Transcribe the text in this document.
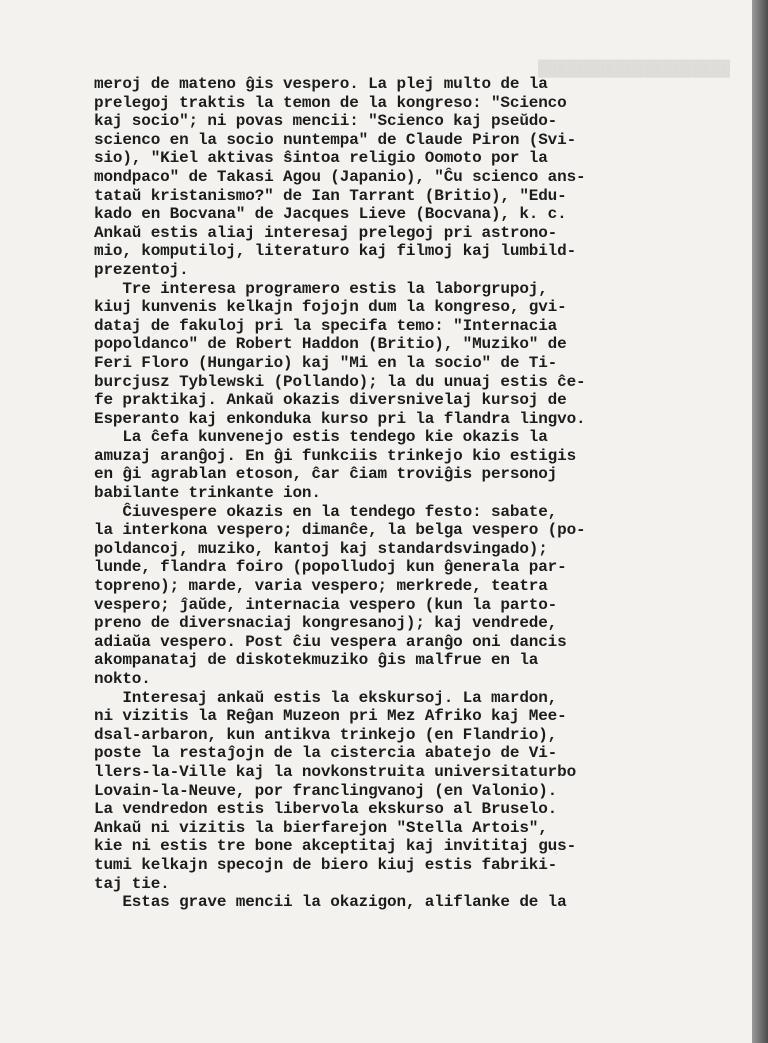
████████████████████
meroj de mateno ĝis vespero. La plej multo de la
prelegoj traktis la temon de la kongreso: "Scienco
kaj socio"; ni povas mencii: "Scienco kaj pseŭdo-
scienco en la socio nuntempa" de Claude Piron (Svi-
sio), "Kiel aktivas ŝintoa religio Oomoto por la
mondpaco" de Takasi Agou (Japanio), "Ĉu scienco ans-
tataŭ kristanismo?" de Ian Tarrant (Britio), "Edu-
kado en Bocvana" de Jacques Lieve (Bocvana), k. c.
Ankaŭ estis aliaj interesaj prelegoj pri astrono-
mio, komputiloj, literaturo kaj filmoj kaj lumbild-
prezentoj.
Tre interesa programero estis la laborgrupoj,
kiuj kunvenis kelkajn fojojn dum la kongreso, gvi-
dataj de fakuloj pri la specifa temo: "Internacia
popoldanco" de Robert Haddon (Britio), "Muziko" de
Feri Floro (Hungario) kaj "Mi en la socio" de Ti-
burcjusz Tyblewski (Pollando); la du unuaj estis ĉe-
fe praktikaj. Ankaŭ okazis diversnivelaj kursoj de
Esperanto kaj enkonduka kurso pri la flandra lingvo.
La ĉefa kunvenejo estis tendego kie okazis la
amuzaj aranĝoj. En ĝi funkciis trinkejo kio estigis
en ĝi agrablan etoson, ĉar ĉiam troviĝis personoj
babilante trinkante ion.
Ĉiuvespere okazis en la tendego festo: sabate,
la interkona vespero; dimanĉe, la belga vespero (po-
poldancoj, muziko, kantoj kaj standardsvingado);
lunde, flandra foiro (popolludoj kun ĝenerala par-
topreno); marde, varia vespero; merkrede, teatra
vespero; ĵaŭde, internacia vespero (kun la parto-
preno de diversnaciaj kongresanoj); kaj vendrede,
adiaŭa vespero. Post ĉiu vespera aranĝo oni dancis
akompanataj de diskotekmuziko ĝis malfrue en la
nokto.
Interesaj ankaŭ estis la ekskursoj. La mardon,
ni vizitis la Reĝan Muzeon pri Mez Afriko kaj Mee-
dsal-arbaron, kun antikva trinkejo (en Flandrio),
poste la restaĵojn de la cistercia abatejo de Vi-
llers-la-Ville kaj la novkonstruita universitaturbo
Lovain-la-Neuve, por franclingvanoj (en Valonio).
La vendredon estis libervola ekskurso al Bruselo.
Ankaŭ ni vizitis la bierfarejon "Stella Artois",
kie ni estis tre bone akceptitaj kaj invititaj gus-
tumi kelkajn specojn de biero kiuj estis fabriki-
taj tie.
Estas grave mencii la okazigon, aliflanke de la
